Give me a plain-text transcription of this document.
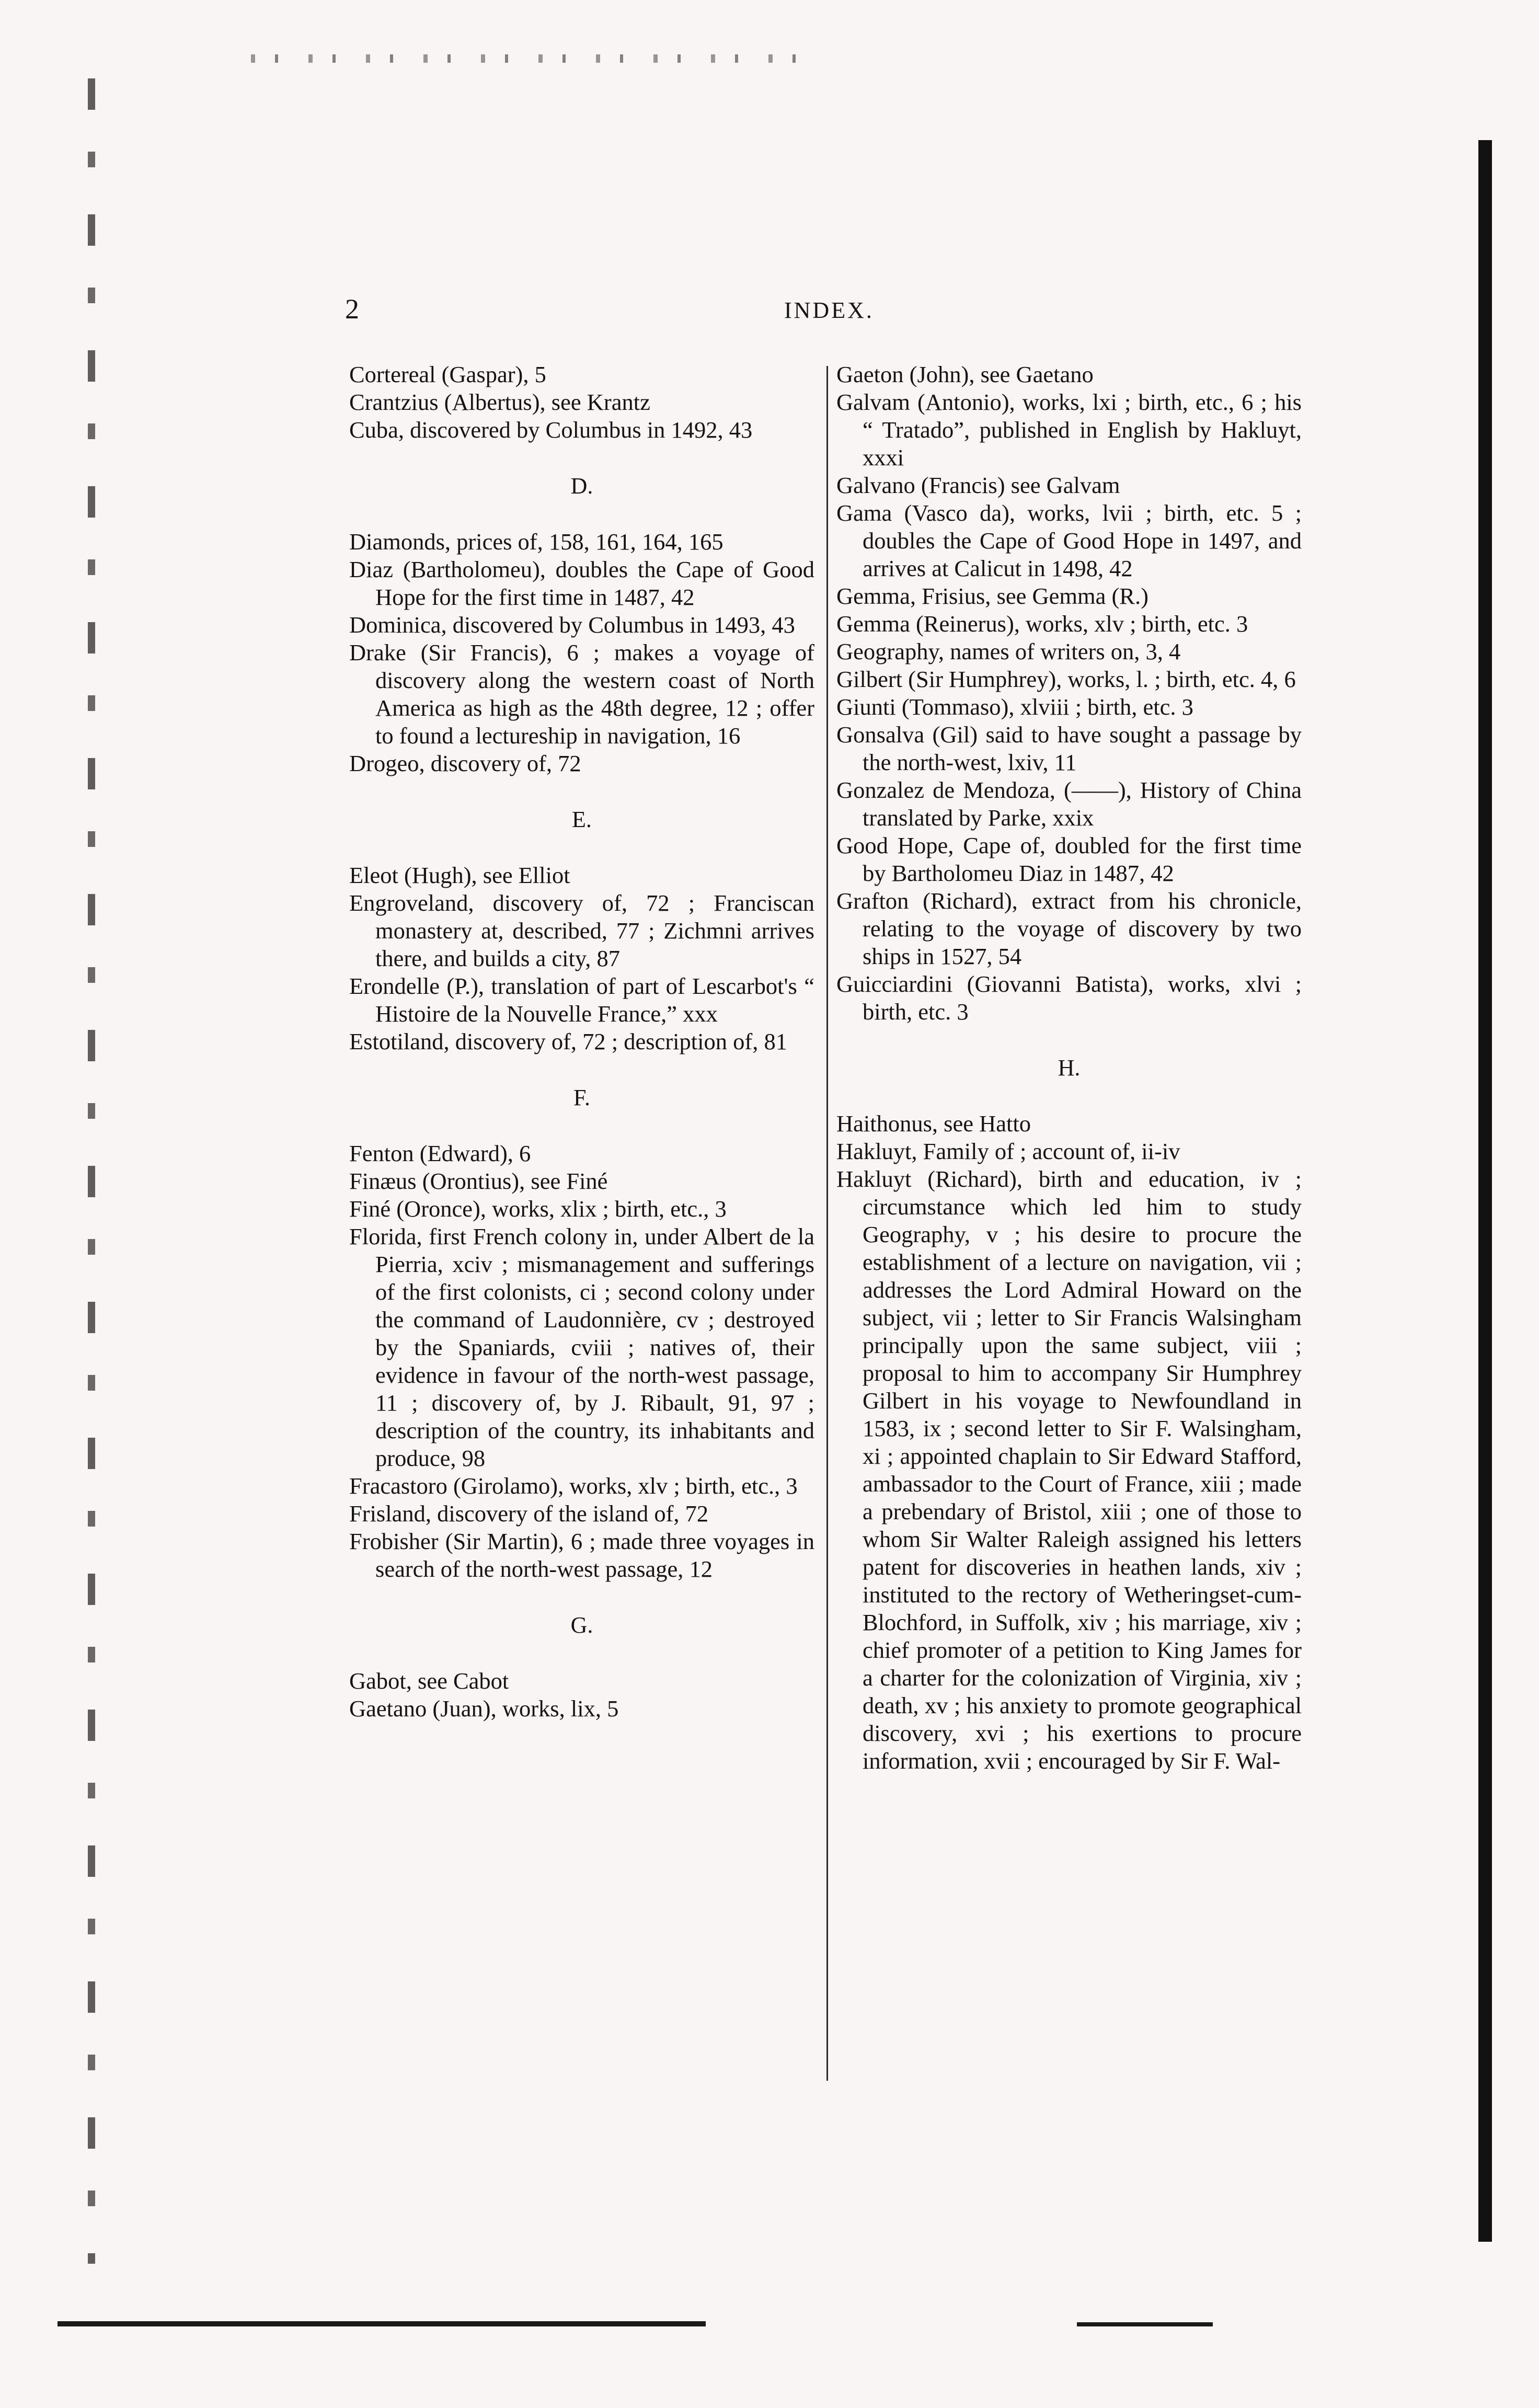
2	INDEX.

Cortereal (Gaspar), 5

Crantzius (Albertus), see Krantz

Cuba, discovered by Columbus in 1492, 43

D.

Diamonds, prices of, 158, 161, 164, 165

Diaz (Bartholomeu), doubles the Cape of Good Hope for the first time in 1487, 42

Dominica, discovered by Columbus in 1493, 43

Drake (Sir Francis), 6 ; makes a voyage of discovery along the western coast of North America as high as the 48th degree, 12 ; offer to found a lectureship in navigation, 16

Drogeo, discovery of, 72

E.

Eleot (Hugh), see Elliot

Engroveland, discovery of, 72 ; Franciscan monastery at, described, 77 ; Zichmni arrives there, and builds a city, 87

Erondelle (P.), translation of part of Lescarbot's “ Histoire de la Nouvelle France,” xxx

Estotiland, discovery of, 72 ; description of, 81

F.

Fenton (Edward), 6

Finæus (Orontius), see Finé

Finé (Oronce), works, xlix ; birth, etc., 3

Florida, first French colony in, under Albert de la Pierria, xciv ; mismanagement and sufferings of the first colonists, ci ; second colony under the command of Laudonnière, cv ; destroyed by the Spaniards, cviii ; natives of, their evidence in favour of the north-west passage, 11 ; discovery of, by J. Ribault, 91, 97 ; description of the country, its inhabitants and produce, 98

Fracastoro (Girolamo), works, xlv ; birth, etc., 3

Frisland, discovery of the island of, 72

Frobisher (Sir Martin), 6 ; made three voyages in search of the north-west passage, 12

G.

Gabot, see Cabot

Gaetano (Juan), works, lix, 5

Gaeton (John), see Gaetano

Galvam (Antonio), works, lxi ; birth, etc., 6 ; his “ Tratado”, published in English by Hakluyt, xxxi

Galvano (Francis) see Galvam

Gama (Vasco da), works, lvii ; birth, etc. 5 ; doubles the Cape of Good Hope in 1497, and arrives at Calicut in 1498, 42

Gemma, Frisius, see Gemma (R.)

Gemma (Reinerus), works, xlv ; birth, etc. 3

Geography, names of writers on, 3, 4

Gilbert (Sir Humphrey), works, l. ; birth, etc. 4, 6

Giunti (Tommaso), xlviii ; birth, etc. 3

Gonsalva (Gil) said to have sought a passage by the north-west, lxiv, 11

Gonzalez de Mendoza, (——), History of China translated by Parke, xxix

Good Hope, Cape of, doubled for the first time by Bartholomeu Diaz in 1487, 42

Grafton (Richard), extract from his chronicle, relating to the voyage of discovery by two ships in 1527, 54

Guicciardini (Giovanni Batista), works, xlvi ; birth, etc. 3

H.

Haithonus, see Hatto

Hakluyt, Family of ; account of, ii-iv

Hakluyt (Richard), birth and education, iv ; circumstance which led him to study Geography, v ; his desire to procure the establishment of a lecture on navigation, vii ; addresses the Lord Admiral Howard on the subject, vii ; letter to Sir Francis Walsingham principally upon the same subject, viii ; proposal to him to accompany Sir Humphrey Gilbert in his voyage to Newfoundland in 1583, ix ; second letter to Sir F. Walsingham, xi ; appointed chaplain to Sir Edward Stafford, ambassador to the Court of France, xiii ; made a prebendary of Bristol, xiii ; one of those to whom Sir Walter Raleigh assigned his letters patent for discoveries in heathen lands, xiv ; instituted to the rectory of Wetheringset-cum-Blochford, in Suffolk, xiv ; his marriage, xiv ; chief promoter of a petition to King James for a charter for the colonization of Virginia, xiv ; death, xv ; his anxiety to promote geographical discovery, xvi ; his exertions to procure information, xvii ; encouraged by Sir F. Wal-
